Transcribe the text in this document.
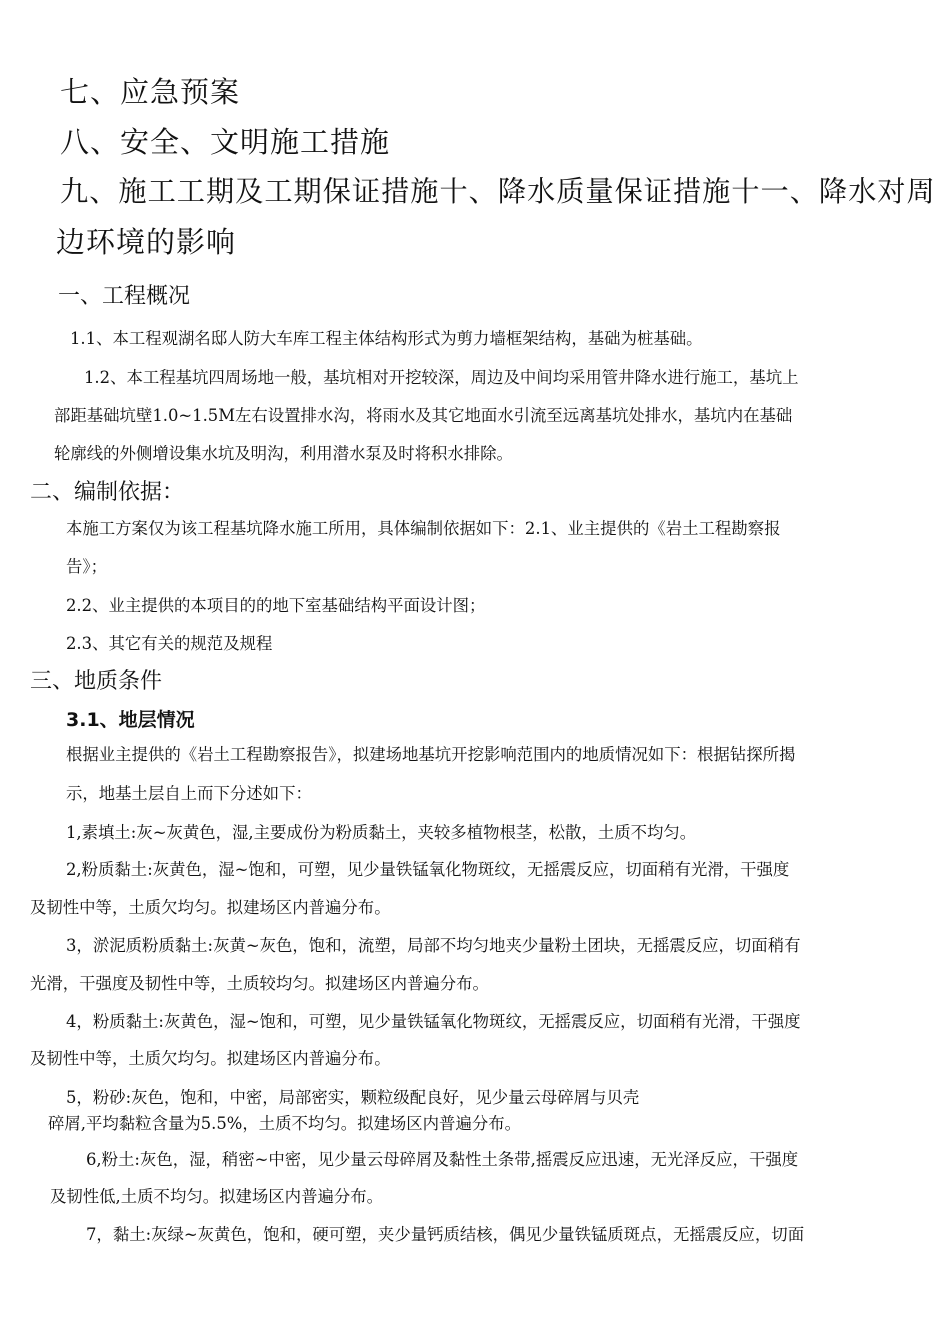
七、应急预案
八、安全、文明施工措施
九、施工工期及工期保证措施十、降水质量保证措施十一、降水对周
边环境的影响
一、工程概况
1.1、本工程观湖名邸人防大车库工程主体结构形式为剪力墙框架结构，基础为桩基础。
1.2、本工程基坑四周场地一般，基坑相对开挖较深，周边及中间均采用管井降水进行施工，基坑上
部距基础坑壁1.0~1.5M左右设置排水沟，将雨水及其它地面水引流至远离基坑处排水，基坑内在基础
轮廓线的外侧增设集水坑及明沟，利用潜水泵及时将积水排除。
二、编制依据：
本施工方案仅为该工程基坑降水施工所用，具体编制依据如下：2.1、业主提供的《岩土工程勘察报
告》；
2.2、业主提供的本项目的的地下室基础结构平面设计图；
2.3、其它有关的规范及规程
三、地质条件
3.1、地层情况
根据业主提供的《岩土工程勘察报告》，拟建场地基坑开挖影响范围内的地质情况如下：根据钻探所揭
示，地基土层自上而下分述如下：
1,素填土:灰~灰黄色，湿,主要成份为粉质黏土，夹较多植物根茎，松散，土质不均匀。
2,粉质黏土:灰黄色，湿~饱和，可塑，见少量铁锰氧化物斑纹，无摇震反应，切面稍有光滑，干强度
及韧性中等，土质欠均匀。拟建场区内普遍分布。
3，淤泥质粉质黏土:灰黄~灰色，饱和，流塑，局部不均匀地夹少量粉土团块，无摇震反应，切面稍有
光滑，干强度及韧性中等，土质较均匀。拟建场区内普遍分布。
4，粉质黏土:灰黄色，湿~饱和，可塑，见少量铁锰氧化物斑纹，无摇震反应，切面稍有光滑，干强度
及韧性中等，土质欠均匀。拟建场区内普遍分布。
5，粉砂:灰色，饱和，中密，局部密实，颗粒级配良好，见少量云母碎屑与贝壳
碎屑,平均黏粒含量为5.5%，土质不均匀。拟建场区内普遍分布。
6,粉土:灰色，湿，稍密~中密，见少量云母碎屑及黏性土条带,摇震反应迅速，无光泽反应，干强度
及韧性低,土质不均匀。拟建场区内普遍分布。
7，黏土:灰绿~灰黄色，饱和，硬可塑，夹少量钙质结核，偶见少量铁锰质斑点，无摇震反应，切面
